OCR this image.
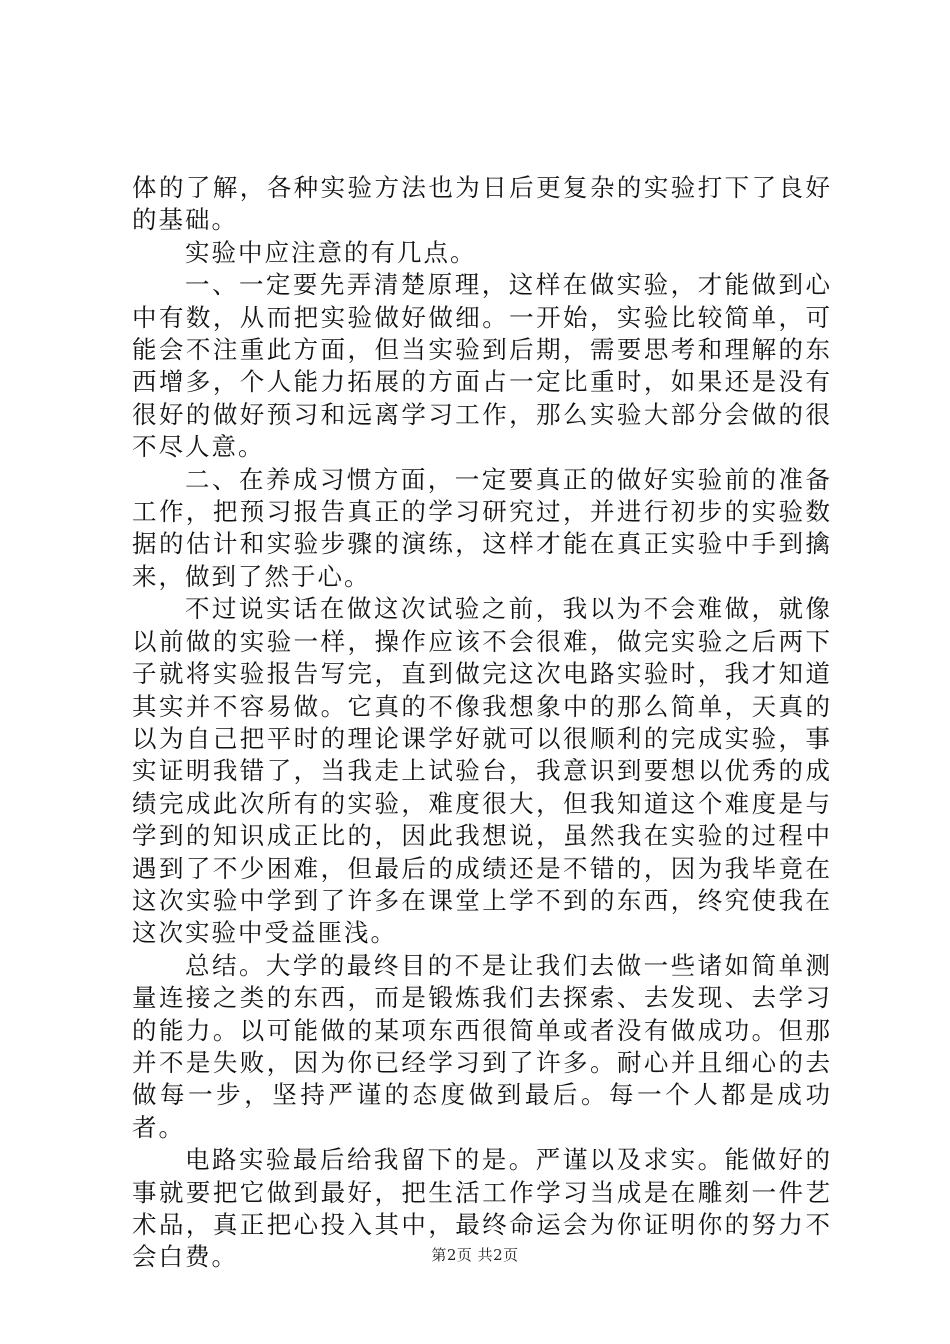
体的了解，各种实验方法也为日后更复杂的实验打下了良好的基础。

实验中应注意的有几点。

一、一定要先弄清楚原理，这样在做实验，才能做到心中有数，从而把实验做好做细。一开始，实验比较简单，可能会不注重此方面，但当实验到后期，需要思考和理解的东西增多，个人能力拓展的方面占一定比重时，如果还是没有很好的做好预习和远离学习工作，那么实验大部分会做的很不尽人意。

二、在养成习惯方面，一定要真正的做好实验前的准备工作，把预习报告真正的学习研究过，并进行初步的实验数据的估计和实验步骤的演练，这样才能在真正实验中手到擒来，做到了然于心。

不过说实话在做这次试验之前，我以为不会难做，就像以前做的实验一样，操作应该不会很难，做完实验之后两下子就将实验报告写完，直到做完这次电路实验时，我才知道其实并不容易做。它真的不像我想象中的那么简单，天真的以为自己把平时的理论课学好就可以很顺利的完成实验，事实证明我错了，当我走上试验台，我意识到要想以优秀的成绩完成此次所有的实验，难度很大，但我知道这个难度是与学到的知识成正比的，因此我想说，虽然我在实验的过程中遇到了不少困难，但最后的成绩还是不错的，因为我毕竟在这次实验中学到了许多在课堂上学不到的东西，终究使我在这次实验中受益匪浅。

总结。大学的最终目的不是让我们去做一些诸如简单测量连接之类的东西，而是锻炼我们去探索、去发现、去学习的能力。以可能做的某项东西很简单或者没有做成功。但那并不是失败，因为你已经学习到了许多。耐心并且细心的去做每一步，坚持严谨的态度做到最后。每一个人都是成功者。

电路实验最后给我留下的是。严谨以及求实。能做好的事就要把它做到最好，把生活工作学习当成是在雕刻一件艺术品，真正把心投入其中，最终命运会为你证明你的努力不会白费。	第2页 共2页
